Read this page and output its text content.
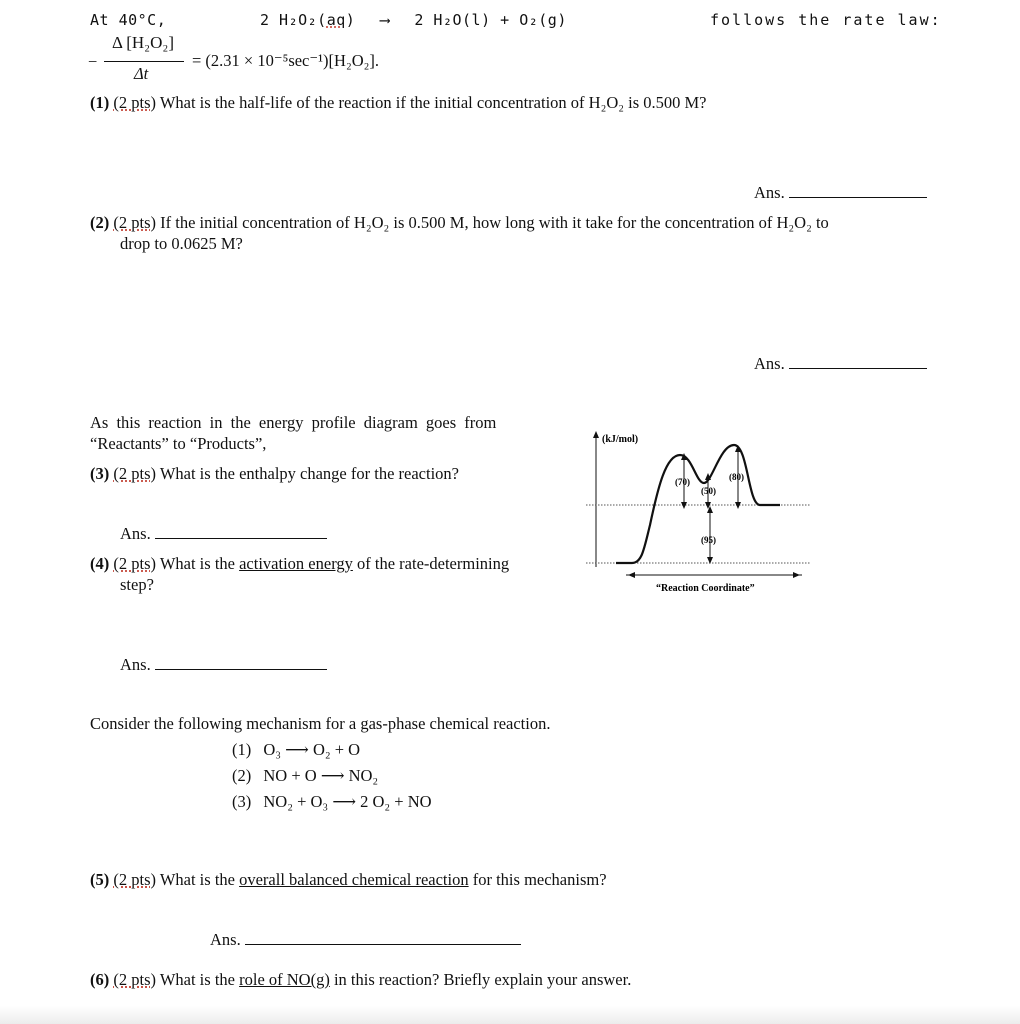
At 40°C,	2 H₂O₂(aq) ⟶ 2 H₂O(l) + O₂(g)	follows the rate law:
−
Δ [H₂O₂]
Δt
= (2.31 × 10⁻⁵sec⁻¹)[H₂O₂].
(1) (2 pts) What is the half-life of the reaction if the initial concentration of H₂O₂ is 0.500 M?
Ans.
(2) (2 pts) If the initial concentration of H₂O₂ is 0.500 M, how long with it take for the concentration of H₂O₂ to
drop to 0.0625 M?
Ans.
As this reaction in the energy profile diagram goes from
“Reactants” to “Products”,
(3) (2 pts) What is the enthalpy change for the reaction?
Ans.
(4) (2 pts) What is the activation energy of the rate-determining
step?
Ans.
(kJ/mol)
(70)
(50)
(80)
(95)
“Reaction Coordinate”
Consider the following mechanism for a gas-phase chemical reaction.
(1) O₃ ⟶ O₂ + O
(2) NO + O ⟶ NO₂
(3) NO₂ + O₃ ⟶ 2 O₂ + NO
(5) (2 pts) What is the overall balanced chemical reaction for this mechanism?
Ans.
(6) (2 pts) What is the role of NO(g) in this reaction? Briefly explain your answer.
